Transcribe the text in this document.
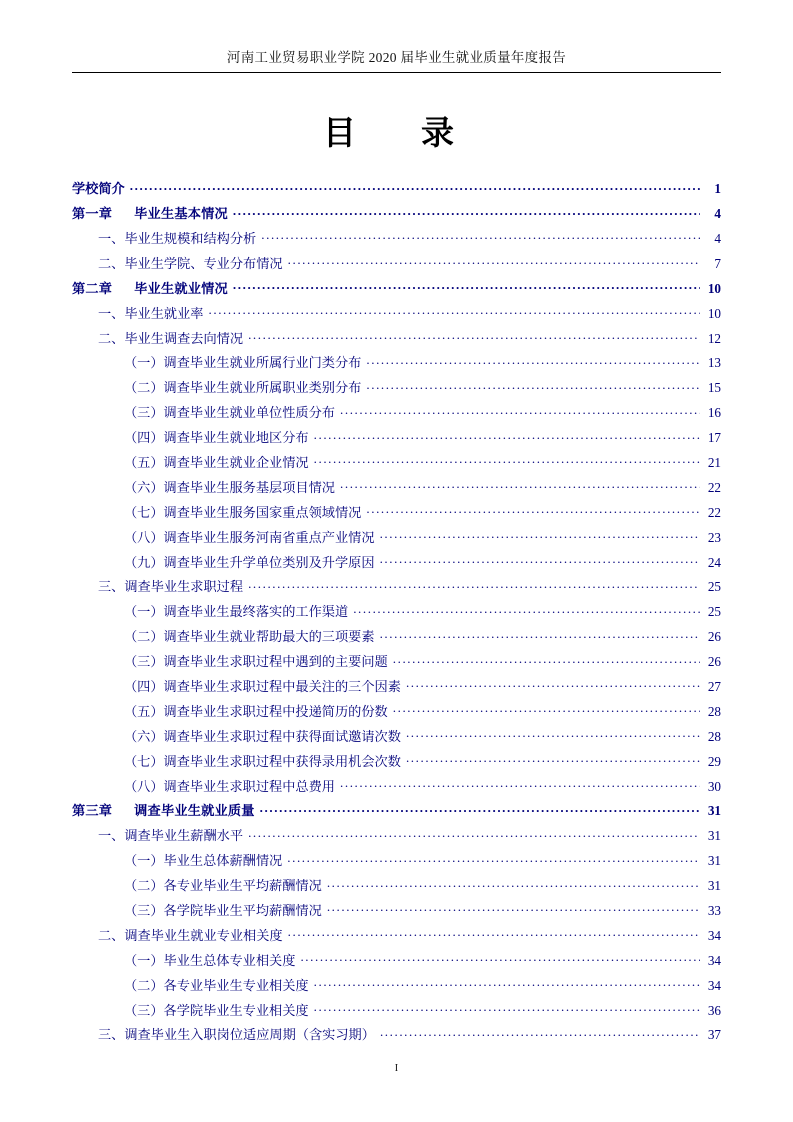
河南工业贸易职业学院 2020 届毕业生就业质量年度报告
目　录
学校简介 .....	1
第一章 毕业生基本情况 .....	4
一、毕业生规模和结构分析 .....	4
二、毕业生学院、专业分布情况 .....	7
第二章 毕业生就业情况 .....	10
一、毕业生就业率 .....	10
二、毕业生调查去向情况 .....	12
（一）调查毕业生就业所属行业门类分布 .....	13
（二）调查毕业生就业所属职业类别分布 .....	15
（三）调查毕业生就业单位性质分布 .....	16
（四）调查毕业生就业地区分布 .....	17
（五）调查毕业生就业企业情况 .....	21
（六）调查毕业生服务基层项目情况 .....	22
（七）调查毕业生服务国家重点领域情况 .....	22
（八）调查毕业生服务河南省重点产业情况 .....	23
（九）调查毕业生升学单位类别及升学原因 .....	24
三、调查毕业生求职过程 .....	25
（一）调查毕业生最终落实的工作渠道 .....	25
（二）调查毕业生就业帮助最大的三项要素 .....	26
（三）调查毕业生求职过程中遇到的主要问题 .....	26
（四）调查毕业生求职过程中最关注的三个因素 .....	27
（五）调查毕业生求职过程中投递简历的份数 .....	28
（六）调查毕业生求职过程中获得面试邀请次数 .....	28
（七）调查毕业生求职过程中获得录用机会次数 .....	29
（八）调查毕业生求职过程中总费用 .....	30
第三章 调查毕业生就业质量 .....	31
一、调查毕业生薪酬水平 .....	31
（一）毕业生总体薪酬情况 .....	31
（二）各专业毕业生平均薪酬情况 .....	31
（三）各学院毕业生平均薪酬情况 .....	33
二、调查毕业生就业专业相关度 .....	34
（一）毕业生总体专业相关度 .....	34
（二）各专业毕业生专业相关度 .....	34
（三）各学院毕业生专业相关度 .....	36
三、调查毕业生入职岗位适应周期（含实习期） .....	37
I
